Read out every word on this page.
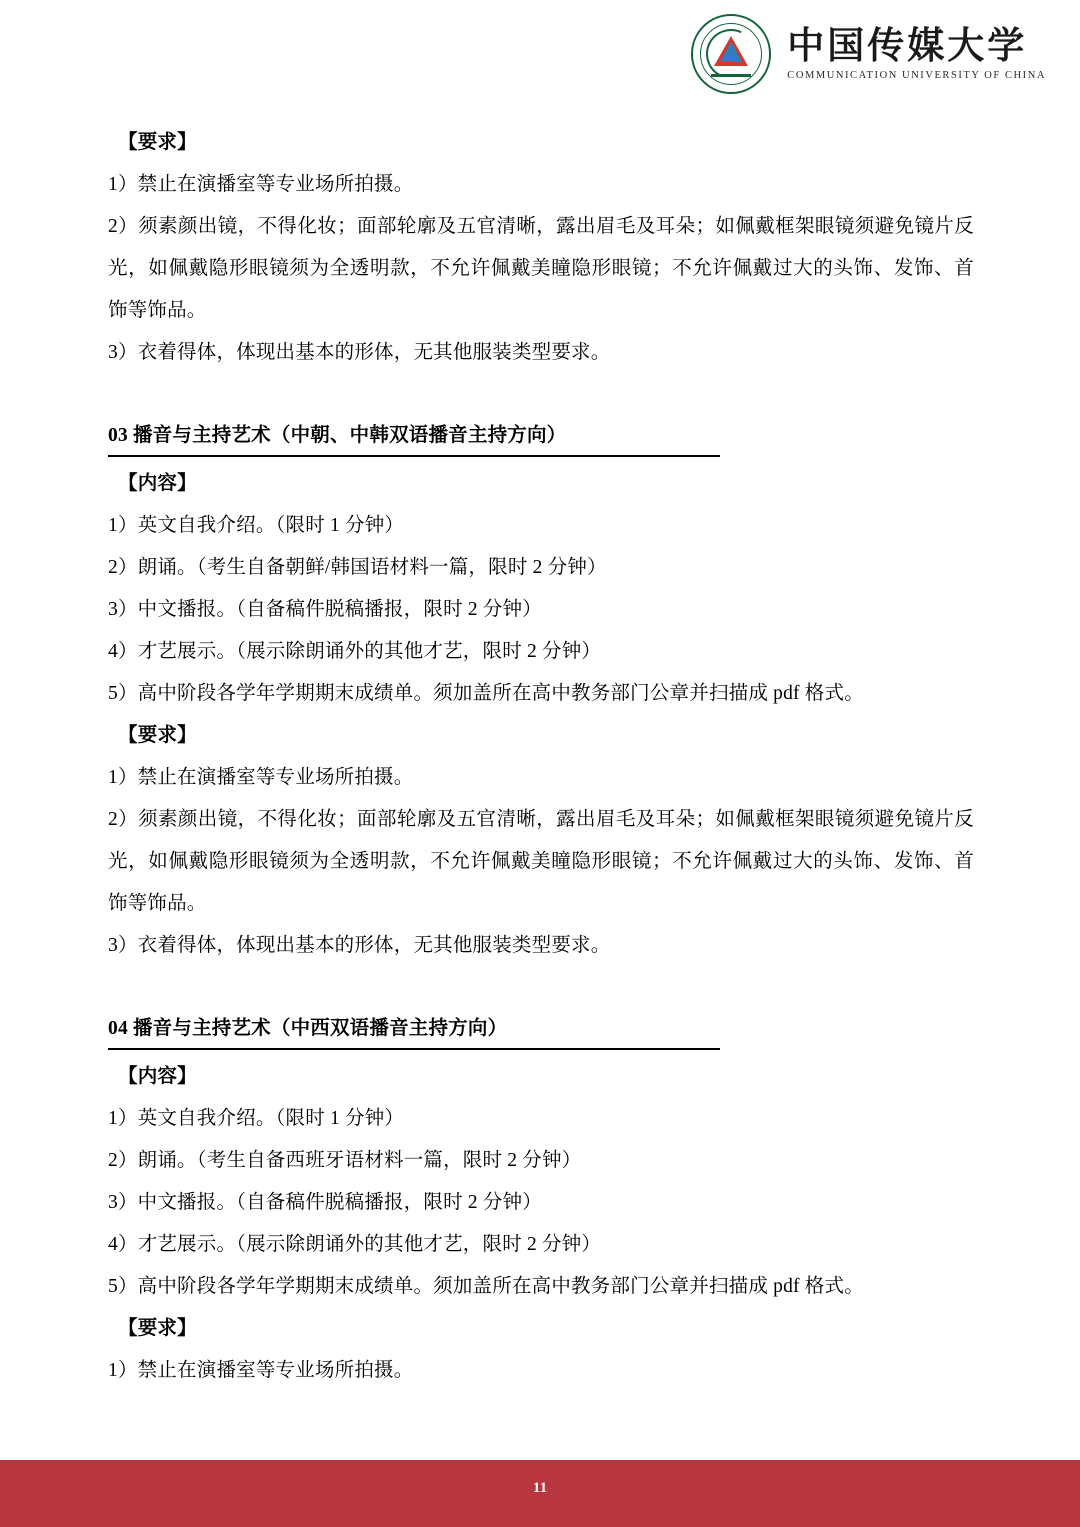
中国传媒大学
COMMUNICATION UNIVERSITY OF CHINA

【要求】

1）禁止在演播室等专业场所拍摄。

2）须素颜出镜，不得化妆；面部轮廓及五官清晰，露出眉毛及耳朵；如佩戴框架眼镜须避免镜片反光，如佩戴隐形眼镜须为全透明款，不允许佩戴美瞳隐形眼镜；不允许佩戴过大的头饰、发饰、首饰等饰品。

3）衣着得体，体现出基本的形体，无其他服装类型要求。

03 播音与主持艺术（中朝、中韩双语播音主持方向）

【内容】

1）英文自我介绍。（限时 1 分钟）

2）朗诵。（考生自备朝鲜/韩国语材料一篇，限时 2 分钟）

3）中文播报。（自备稿件脱稿播报，限时 2 分钟）

4）才艺展示。（展示除朗诵外的其他才艺，限时 2 分钟）

5）高中阶段各学年学期期末成绩单。须加盖所在高中教务部门公章并扫描成 pdf 格式。

【要求】

1）禁止在演播室等专业场所拍摄。

2）须素颜出镜，不得化妆；面部轮廓及五官清晰，露出眉毛及耳朵；如佩戴框架眼镜须避免镜片反光，如佩戴隐形眼镜须为全透明款，不允许佩戴美瞳隐形眼镜；不允许佩戴过大的头饰、发饰、首饰等饰品。

3）衣着得体，体现出基本的形体，无其他服装类型要求。

04 播音与主持艺术（中西双语播音主持方向）

【内容】

1）英文自我介绍。（限时 1 分钟）

2）朗诵。（考生自备西班牙语材料一篇，限时 2 分钟）

3）中文播报。（自备稿件脱稿播报，限时 2 分钟）

4）才艺展示。（展示除朗诵外的其他才艺，限时 2 分钟）

5）高中阶段各学年学期期末成绩单。须加盖所在高中教务部门公章并扫描成 pdf 格式。

【要求】

1）禁止在演播室等专业场所拍摄。

11
